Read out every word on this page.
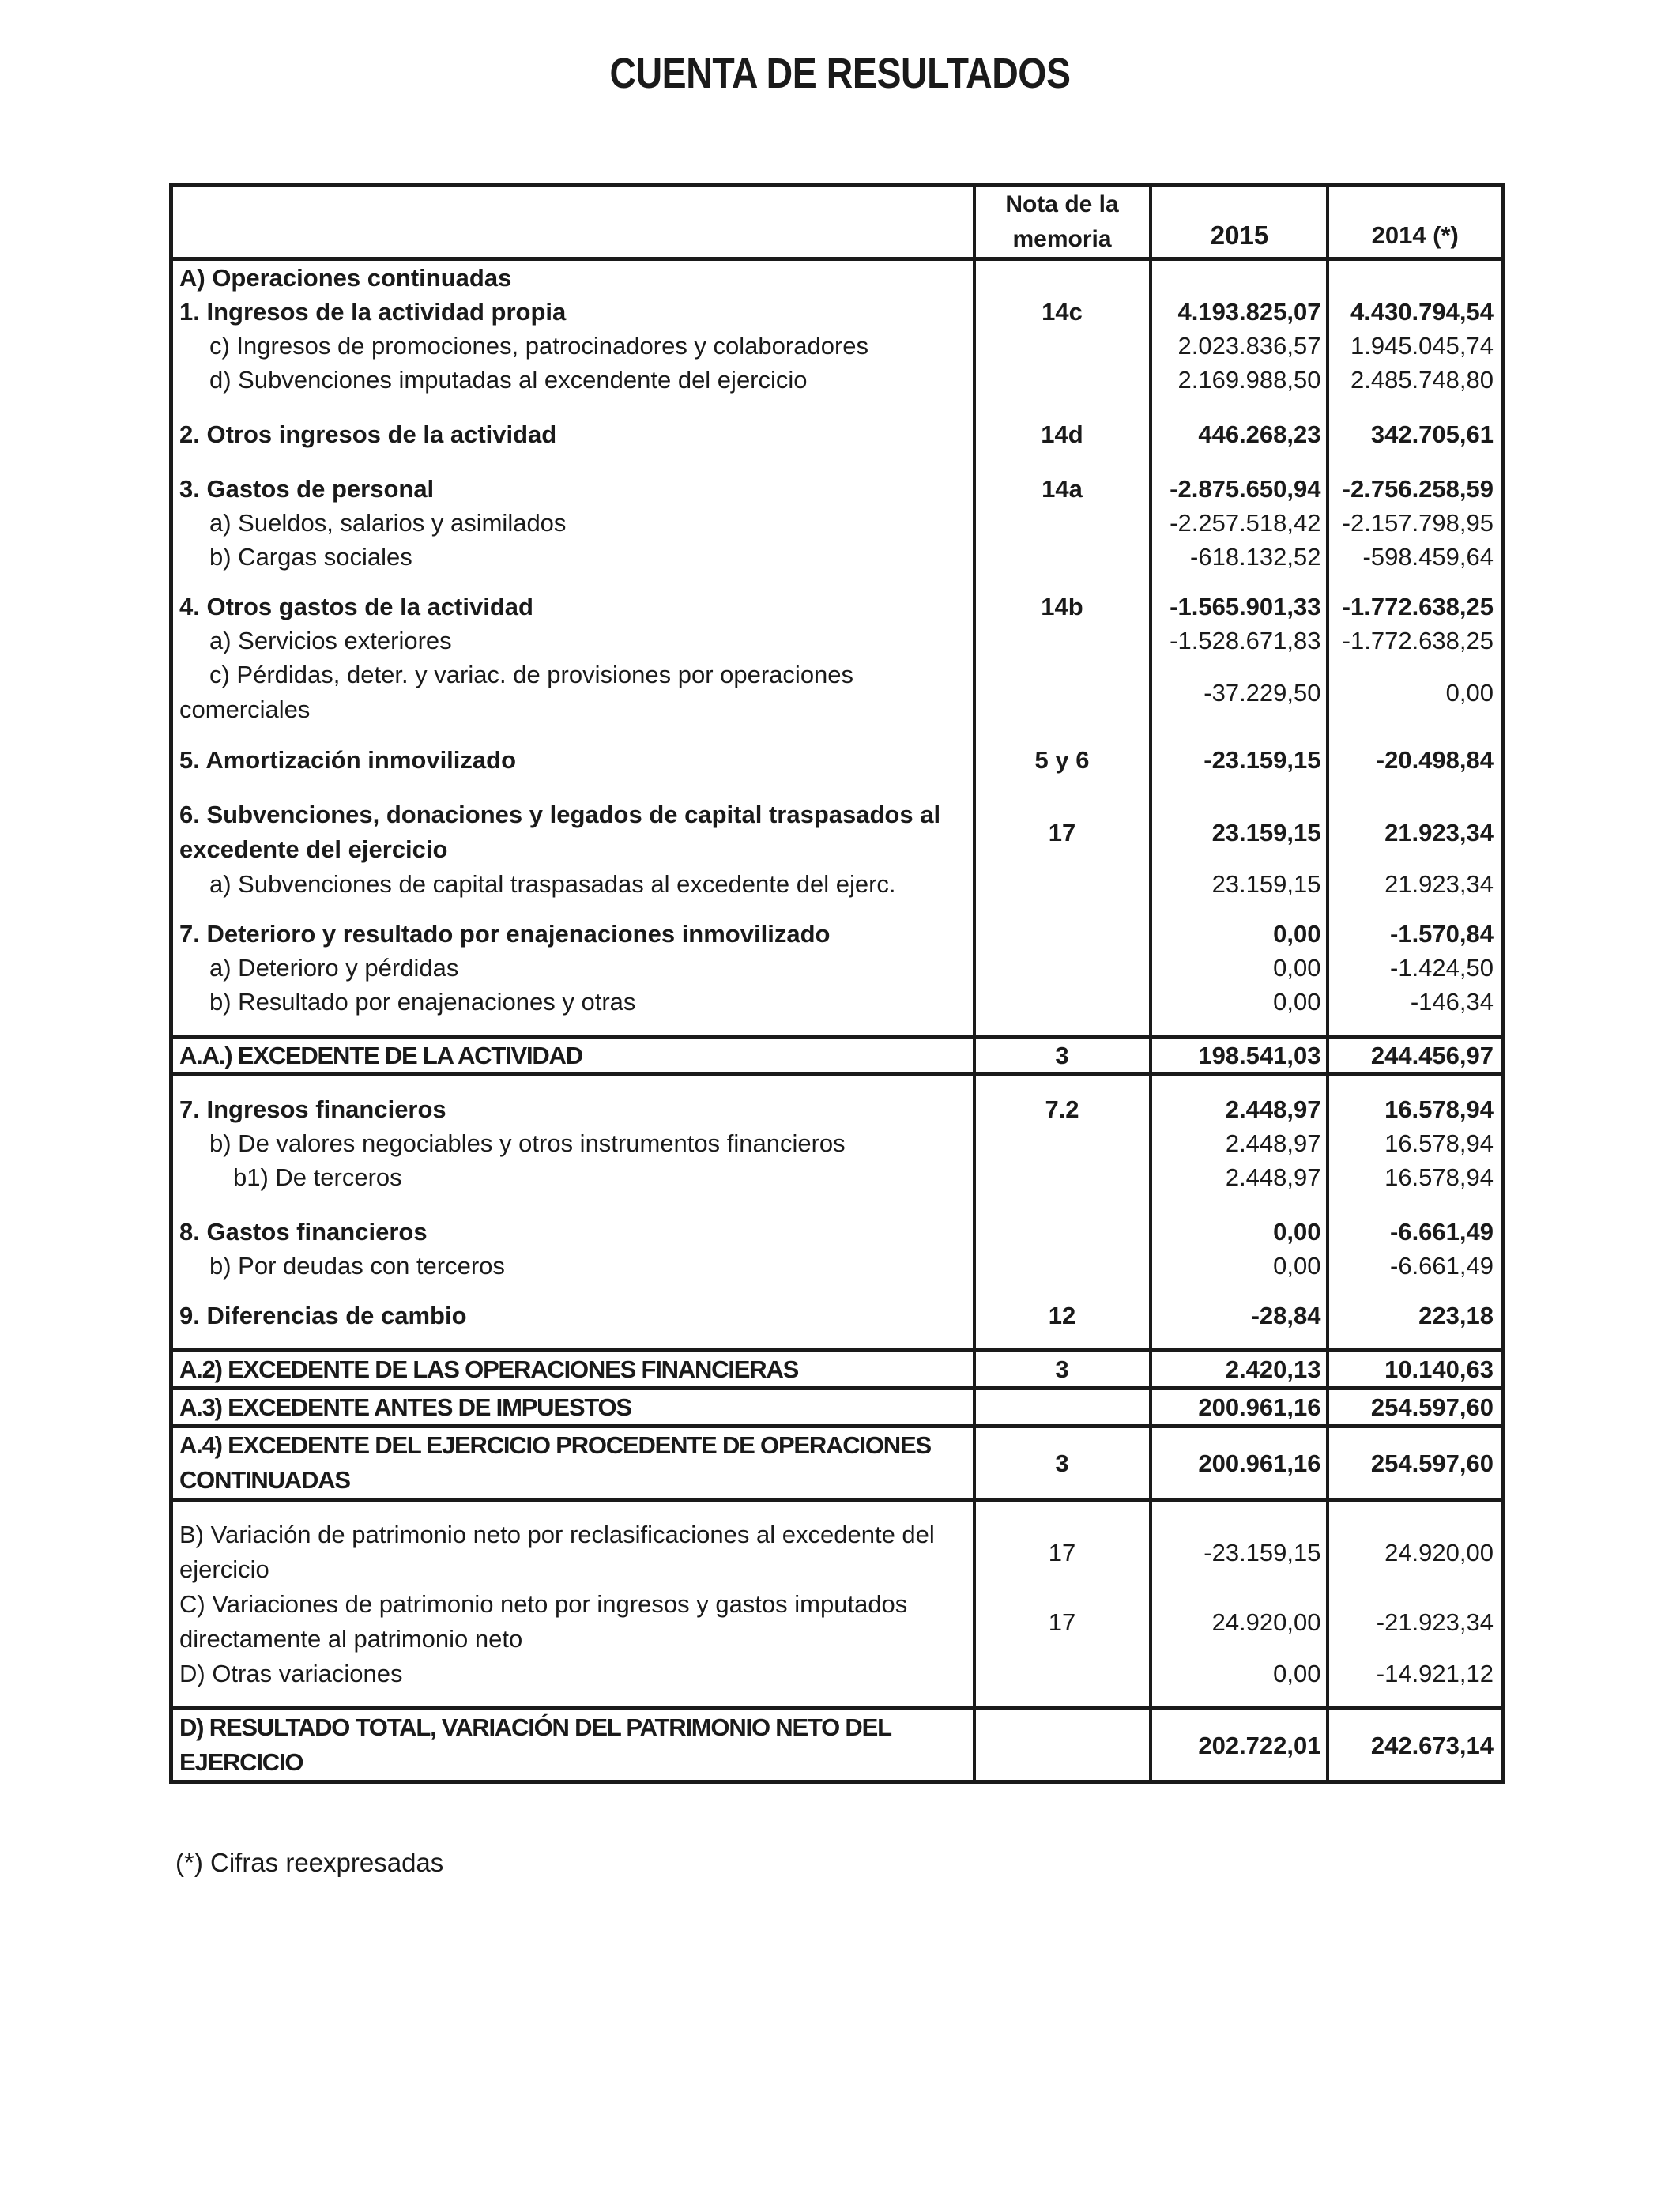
CUENTA DE RESULTADOS
	Nota de la memoria	2015	2014 (*)
A) Operaciones continuadas			
1. Ingresos de la actividad propia	14c	4.193.825,07	4.430.794,54
c) Ingresos de promociones, patrocinadores y colaboradores		2.023.836,57	1.945.045,74
d) Subvenciones imputadas al excendente del ejercicio		2.169.988,50	2.485.748,80

2. Otros ingresos de la actividad	14d	446.268,23	342.705,61

3. Gastos de personal	14a	-2.875.650,94	-2.756.258,59
a) Sueldos, salarios y asimilados		-2.257.518,42	-2.157.798,95
b) Cargas sociales		-618.132,52	-598.459,64

4. Otros gastos de la actividad	14b	-1.565.901,33	-1.772.638,25
a) Servicios exteriores		-1.528.671,83	-1.772.638,25
c) Pérdidas, deter. y variac. de provisiones por operaciones comerciales		-37.229,50	0,00

5. Amortización inmovilizado	5 y 6	-23.159,15	-20.498,84

6. Subvenciones, donaciones y legados de capital traspasados al excedente del ejercicio	17	23.159,15	21.923,34
a) Subvenciones de capital traspasadas al excedente del ejerc.		23.159,15	21.923,34

7. Deterioro y resultado por enajenaciones inmovilizado		0,00	-1.570,84
a) Deterioro y pérdidas		0,00	-1.424,50
b) Resultado por enajenaciones y otras		0,00	-146,34

A.A.) EXCEDENTE DE LA ACTIVIDAD	3	198.541,03	244.456,97

7. Ingresos financieros	7.2	2.448,97	16.578,94
b) De valores negociables y otros instrumentos financieros		2.448,97	16.578,94
b1) De terceros		2.448,97	16.578,94

8. Gastos financieros		0,00	-6.661,49
b) Por deudas con terceros		0,00	-6.661,49

9. Diferencias de cambio	12	-28,84	223,18

A.2) EXCEDENTE DE LAS OPERACIONES FINANCIERAS	3	2.420,13	10.140,63
A.3) EXCEDENTE ANTES DE IMPUESTOS		200.961,16	254.597,60
A.4) EXCEDENTE DEL EJERCICIO PROCEDENTE DE OPERACIONES CONTINUADAS	3	200.961,16	254.597,60

B) Variación de patrimonio neto por reclasificaciones al excedente del ejercicio	17	-23.159,15	24.920,00
C) Variaciones de patrimonio neto por ingresos y gastos imputados directamente al patrimonio neto	17	24.920,00	-21.923,34
D) Otras variaciones		0,00	-14.921,12

D) RESULTADO TOTAL, VARIACIÓN DEL PATRIMONIO NETO DEL EJERCICIO		202.722,01	242.673,14
(*) Cifras reexpresadas
